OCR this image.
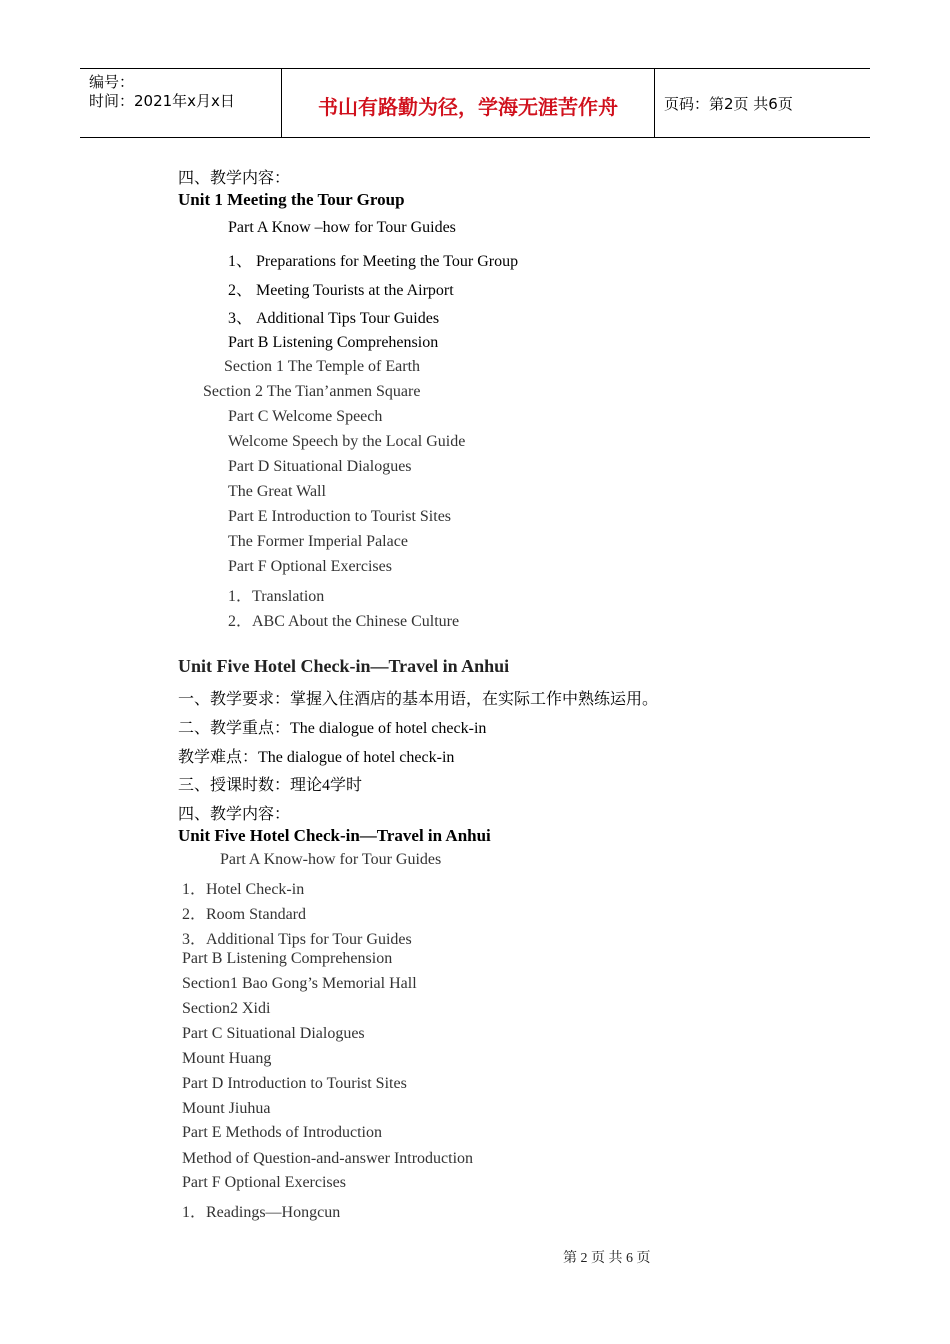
编号：
时间：2021年x月x日	书山有路勤为径，学海无涯苦作舟	页码：第2页 共6页
四、教学内容：
Unit 1 Meeting the Tour Group
Part A Know –how for Tour Guides
1、 Preparations for Meeting the Tour Group
2、 Meeting Tourists at the Airport
3、 Additional Tips Tour Guides
Part B Listening Comprehension
Section 1 The Temple of Earth
Section 2 The Tian’anmen Square
Part C Welcome Speech
Welcome Speech by the Local Guide
Part D Situational Dialogues
The Great Wall
Part E Introduction to Tourist Sites
The Former Imperial Palace
Part F Optional Exercises
1．Translation
2．ABC About the Chinese Culture
Unit Five Hotel Check‐in—Travel in Anhui
一、教学要求：掌握入住酒店的基本用语，在实际工作中熟练运用。
二、教学重点：The dialogue of hotel check-in
教学难点：The dialogue of hotel check-in
三、授课时数：理论4学时
四、教学内容：
Unit Five Hotel Check‐in—Travel in Anhui
Part A Know‐how for Tour Guides
1．Hotel Check‐in
2．Room Standard
3．Additional Tips for Tour Guides
Part B Listening Comprehension
Section1 Bao Gong’s Memorial Hall
Section2 Xidi
Part C Situational Dialogues
Mount Huang
Part D Introduction to Tourist Sites
Mount Jiuhua
Part E Methods of Introduction
Method of Question‐and‐answer Introduction
Part F Optional Exercises
1．Readings—Hongcun
第 2 页 共 6 页
